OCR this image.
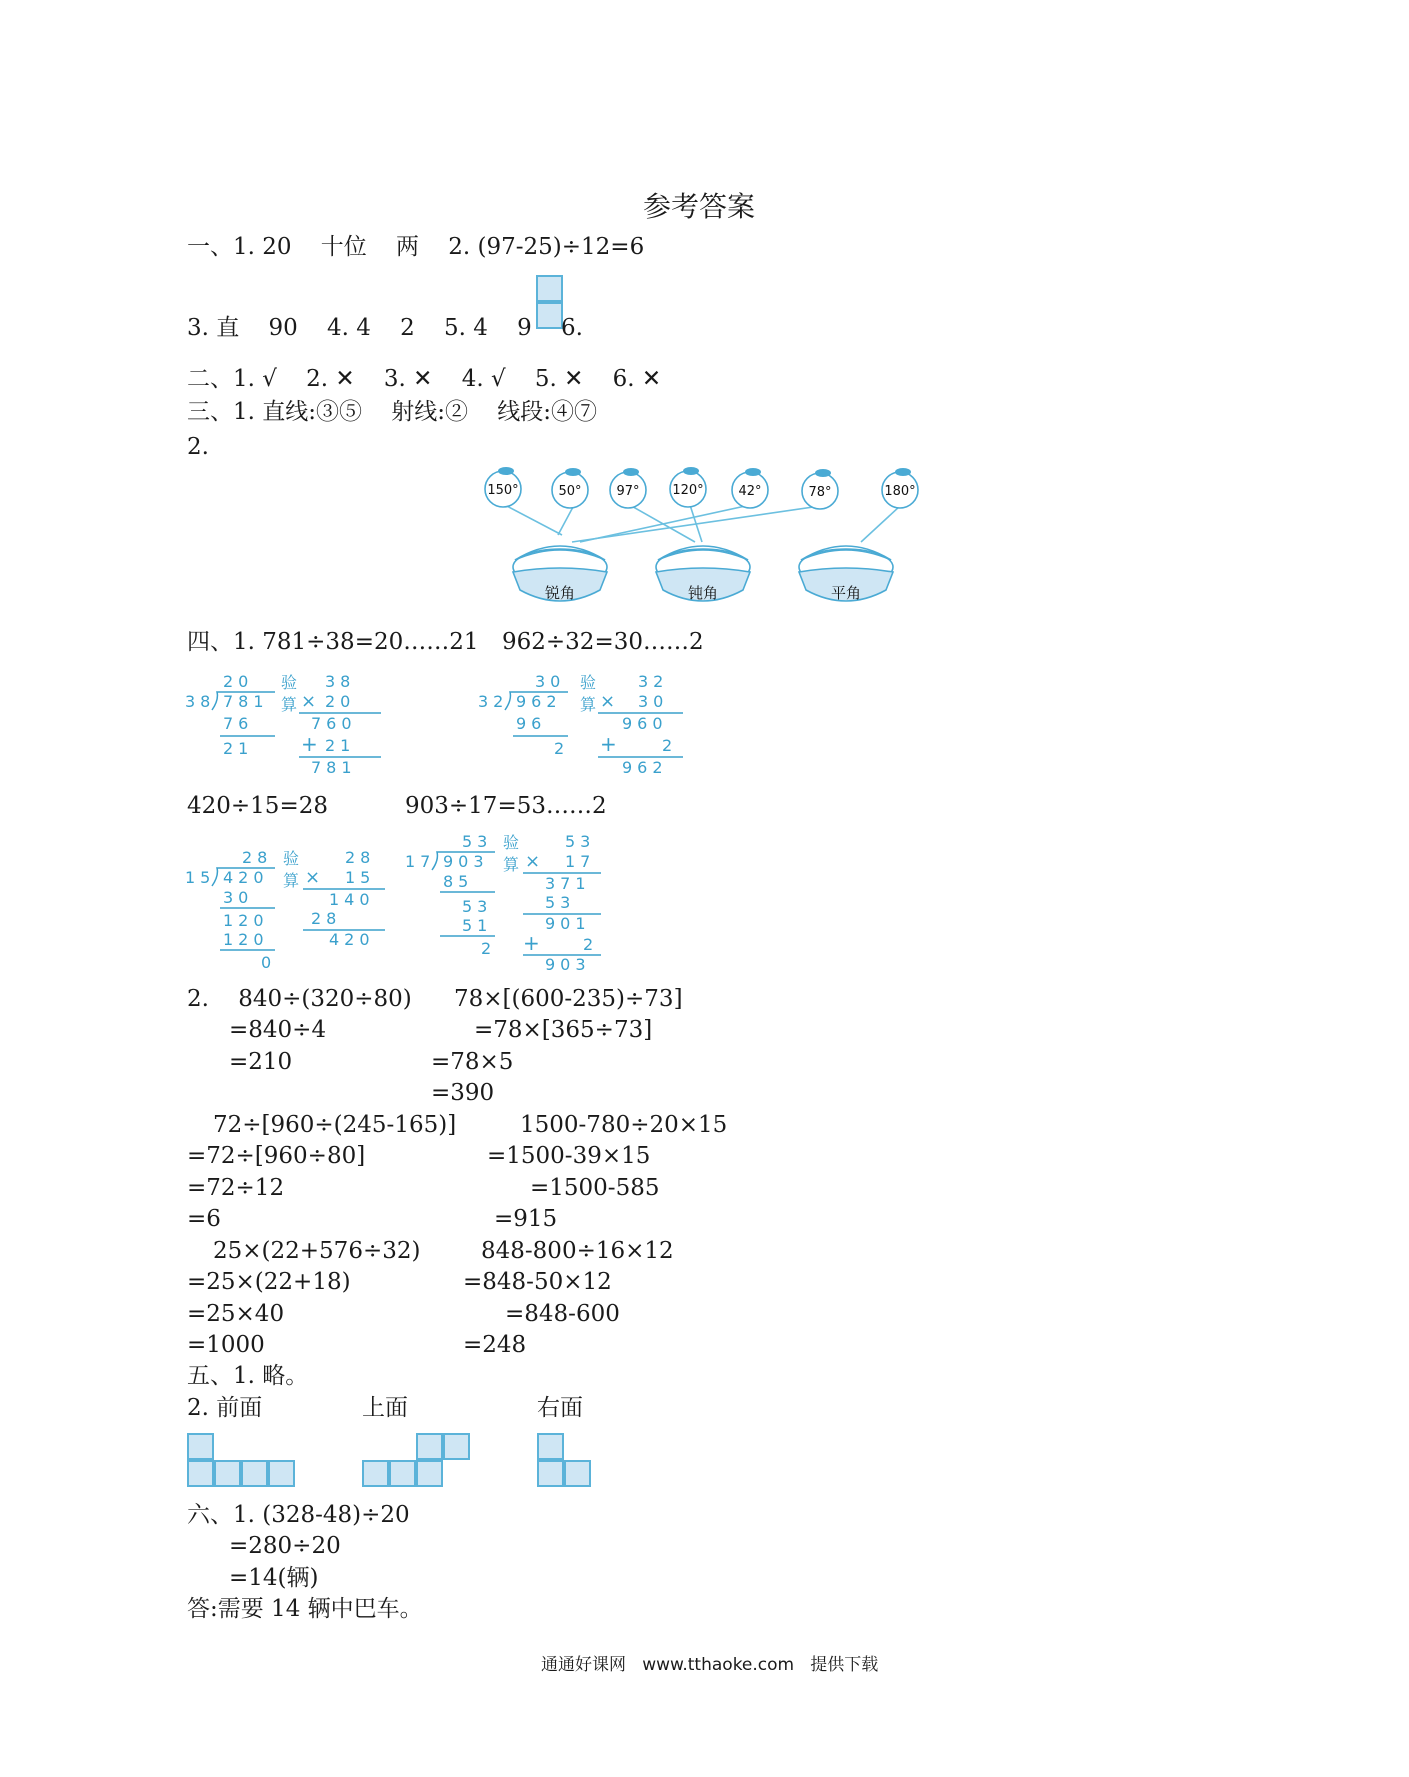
参考答案
一、1. 20    十位    两    2. (97-25)÷12=6
3. 直    90    4. 4    2    5. 4    9    6.
二、1. √    2. ✕    3. ✕    4. √    5. ✕    6. ✕
三、1. 直线:③⑤    射线:②    线段:④⑦
2.
锐角	钝角	平角
150°	50°	97°	120°	42°	78°	180°
四、1. 781÷38=20……21 962÷32=30……2
20
38 781
76
21
验
算
38
× 20
760
+ 21
781
30
32 962
96
2
验
算
32
× 30
960
+	2
962
420÷15=28	903÷17=53……2
28
15 420
30
120
120
0
验
算
28
× 15
140
28
420
53
17 903
85
53
51
2
验
算
53
× 17
371
53
901
+	2
903
2.    840÷(320÷80)
=840÷4
=210
78×[(600-235)÷73]
=78×[365÷73]
=78×5
=390
72÷[960÷(245-165)]
=72÷[960÷80]
=72÷12
=6
1500-780÷20×15
=1500-39×15
=1500-585
=915
25×(22+576÷32)
=25×(22+18)
=25×40
=1000
848-800÷16×12
=848-50×12
=848-600
=248
五、1. 略。
2. 前面	上面	右面
六、1. (328-48)÷20
=280÷20
=14(辆)
答:需要 14 辆中巴车。
通通好课网   www.tthaoke.com   提供下载
